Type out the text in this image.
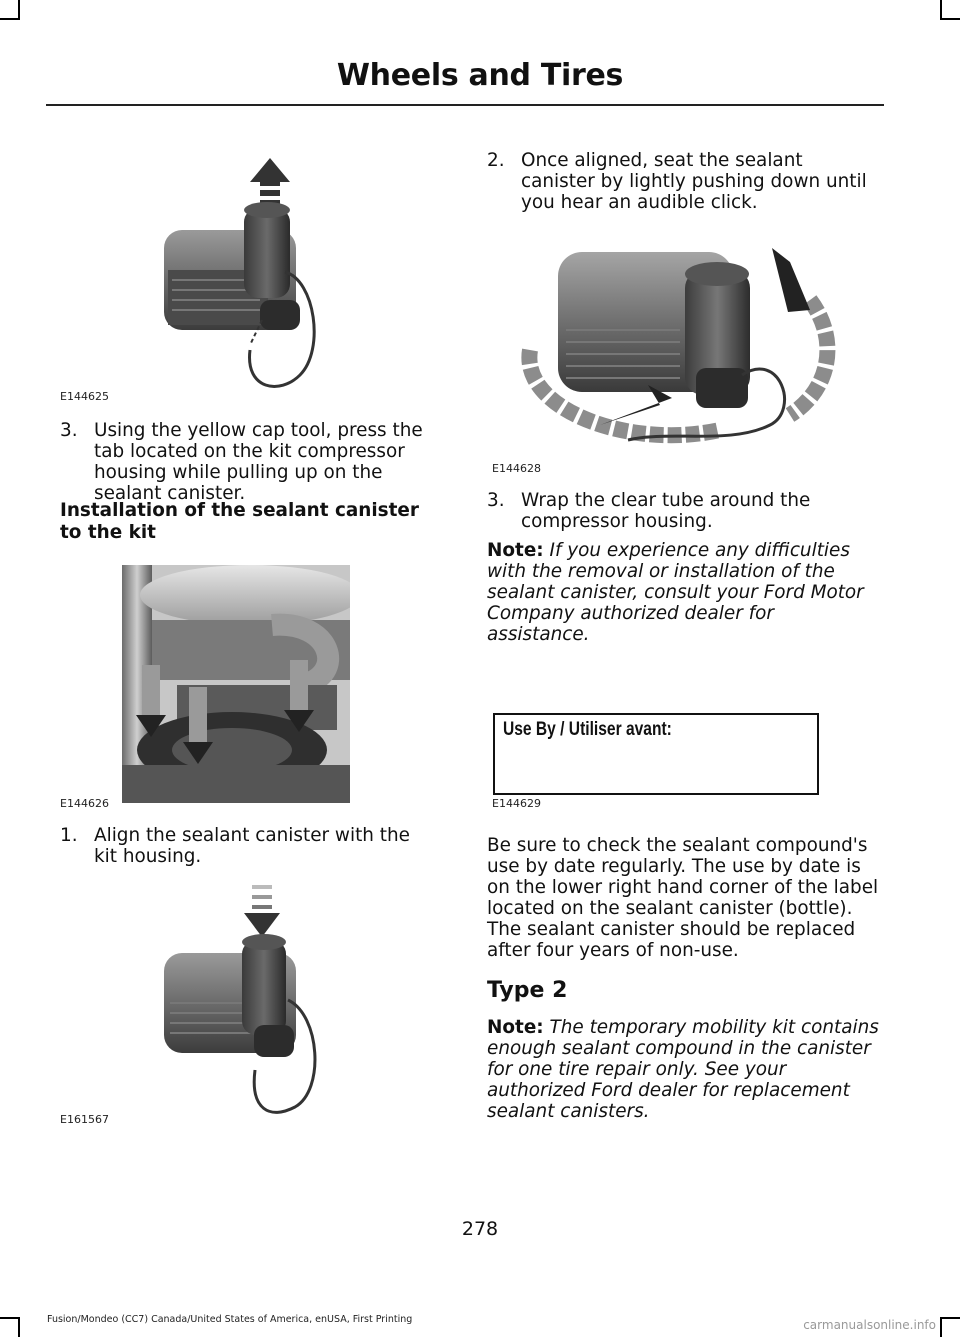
Wheels and Tires
E144625
3. Using the yellow cap tool, press the tab located on the kit compressor housing while pulling up on the sealant canister.
Installation of the sealant canister to the kit
E144626
1. Align the sealant canister with the kit housing.
E161567
2. Once aligned, seat the sealant canister by lightly pushing down until you hear an audible click.
E144628
3. Wrap the clear tube around the compressor housing.
Note: If you experience any difficulties with the removal or installation of the sealant canister, consult your Ford Motor Company authorized dealer for assistance.
Use By / Utiliser avant:
E144629
Be sure to check the sealant compound's use by date regularly. The use by date is on the lower right hand corner of the label located on the sealant canister (bottle). The sealant canister should be replaced after four years of non-use.
Type 2
Note: The temporary mobility kit contains enough sealant compound in the canister for one tire repair only. See your authorized Ford dealer for replacement sealant canisters.
278
Fusion/Mondeo (CC7) Canada/United States of America, enUSA, First Printing	carmanualsonline.info
